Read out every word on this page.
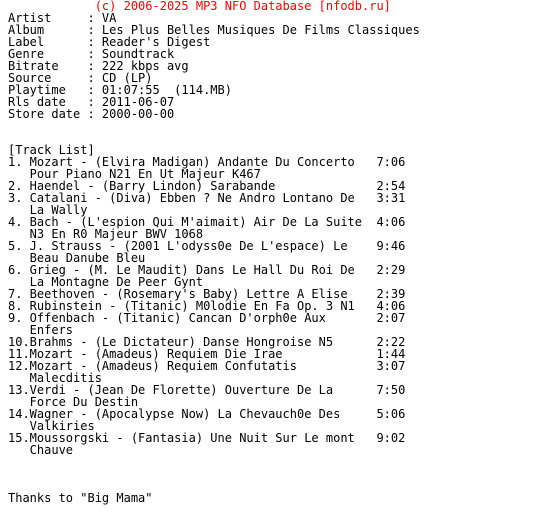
(c) 2006-2025 MP3 NFO Database [nfodb.ru]
Artist     : VA
Album      : Les Plus Belles Musiques De Films Classiques
Label      : Reader's Digest
Genre      : Soundtrack
Bitrate    : 222 kbps avg
Source     : CD (LP)
Playtime   : 01:07:55  (114.MB)
Rls date   : 2011-06-07
Store date : 2000-00-00

[Track List]
1. Mozart - (Elvira Madigan) Andante Du Concerto   7:06
Pour Piano N21 En Ut Majeur K467
2. Haendel - (Barry Lindon) Sarabande              2:54
3. Catalani - (Diva) Ebben ? Ne Andro Lontano De   3:31
La Wally
4. Bach - (L'espion Qui M'aimait) Air De La Suite  4:06
N3 En R0 Majeur BWV 1068
5. J. Strauss - (2001 L'odyss0e De L'espace) Le    9:46
Beau Danube Bleu
6. Grieg - (M. Le Maudit) Dans Le Hall Du Roi De   2:29
La Montagne De Peer Gynt
7. Beethoven - (Rosemary's Baby) Lettre A Elise    2:39
8. Rubinstein - (Titanic) M0lodie En Fa Op. 3 N1   4:06
9. Offenbach - (Titanic) Cancan D'orph0e Aux       2:07
Enfers
10.Brahms - (Le Dictateur) Danse Hongroise N5      2:22
11.Mozart - (Amadeus) Requiem Die Irae             1:44
12.Mozart - (Amadeus) Requiem Confutatis           3:07
Malecditis
13.Verdi - (Jean De Florette) Ouverture De La      7:50
Force Du Destin
14.Wagner - (Apocalypse Now) La Chevauch0e Des     5:06
Valkiries
15.Moussorgski - (Fantasia) Une Nuit Sur Le mont   9:02
Chauve

Thanks to "Big Mama"
